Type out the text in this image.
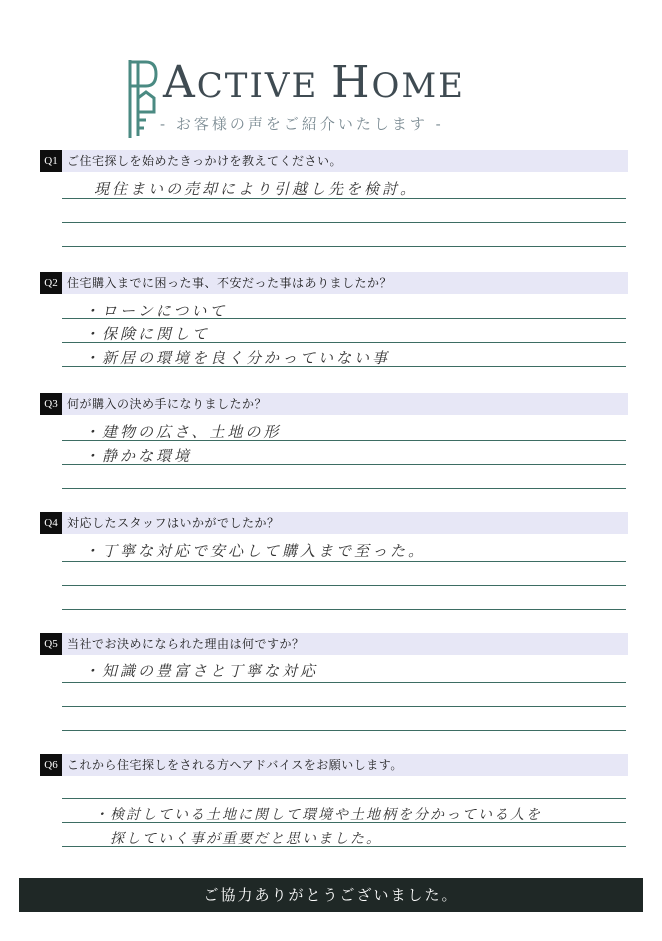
ACTIVE HOME
- お客様の声をご紹介いたします -
Q1 ご住宅探しを始めたきっかけを教えてください。
現住まいの売却により引越し先を検討。
Q2 住宅購入までに困った事、不安だった事はありましたか？
・ローンについて
・保険に関して
・新居の環境を良く分かっていない事
Q3 何が購入の決め手になりましたか？
・建物の広さ、土地の形
・静かな環境
Q4 対応したスタッフはいかがでしたか？
・丁寧な対応で安心して購入まで至った。
Q5 当社でお決めになられた理由は何ですか？
・知識の豊富さと丁寧な対応
Q6 これから住宅探しをされる方へアドバイスをお願いします。
・検討している土地に関して環境や土地柄を分かっている人を
探していく事が重要だと思いました。
ご協力ありがとうございました。
